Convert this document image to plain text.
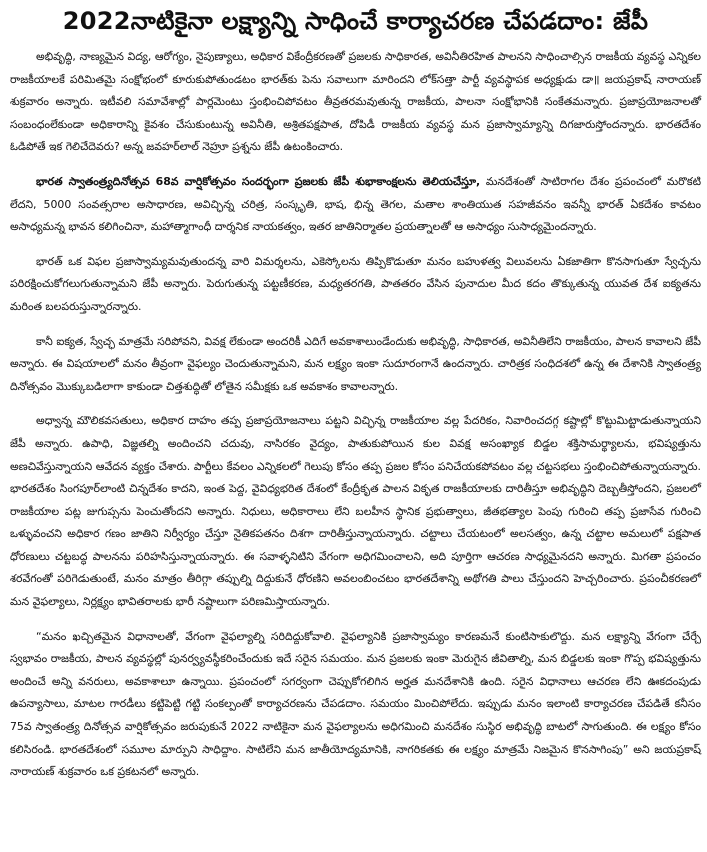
2022నాటికైనా లక్ష్యాన్ని సాధించే కార్యాచరణ చేపడదాం: జేపీ

అభివృద్ధి, నాణ్యమైన విద్య, ఆరోగ్యం, నైపుణ్యాలు, అధికార వికేంద్రీకరణతో ప్రజలకు సాధికారత, అవినీతిరహిత పాలనని సాధించాల్సిన రాజకీయ వ్యవస్థ ఎన్నికల రాజకీయాలకే పరిమితమై సంక్షోభంలో కూరుకుపోతుండటం భారత్‌కు పెను సవాలుగా మారిందని లోక్‌సత్తా పార్టీ వ్యవస్థాపక అధ్యక్షుడు డా॥ జయప్రకాష్ నారాయణ్ శుక్రవారం అన్నారు. ఇటీవలి సమావేశాల్లో పార్లమెంటు స్తంభించిపోవటం తీవ్రతరమవుతున్న రాజకీయ, పాలనా సంక్షోభానికి సంకేతమన్నారు. ప్రజాప్రయోజనాలతో సంబంధంలేకుండా అధికారాన్ని కైవశం చేసుకుంటున్న అవినీతి, అశ్రితపక్షపాత, దోపిడీ రాజకీయ వ్యవస్థ మన ప్రజాస్వామ్యాన్ని దిగజారుస్తోందన్నారు. భారతదేశం ఓడిపోతే ఇక గెలిచేదెవరు? అన్న జవహర్‌లాల్ నెహ్రూ ప్రశ్నను జేపీ ఉటంకించారు.

భారత స్వాతంత్ర్యదినోత్సవ 68వ వార్షికోత్సవం సందర్భంగా ప్రజలకు జేపీ శుభాకాంక్షలను తెలియచేస్తూ, మనదేశంతో సాటిరాగల దేశం ప్రపంచంలో మరొకటి లేదని, 5000 సంవత్సరాల అసాధారణ, అవిచ్ఛిన్న చరిత్ర, సంస్కృతి, భాష, భిన్న తెగల, మతాల శాంతియుత సహజీవనం ఇవన్నీ భారత్ ఏకదేశం కావటం అసాధ్యమన్న భావన కలిగించినా, మహాత్మాగాంధీ దార్శనిక నాయకత్వం, ఇతర జాతినిర్మాతల ప్రయత్నాలతో ఆ అసాధ్యం సుసాధ్యమైందన్నారు.

భారత్ ఒక విఫల ప్రజాస్వామ్యమవుతుందన్న వారి విమర్శలను, ఎకెస్కోలను తిప్పికొడుతూ మనం బహుళత్వ విలువలను ఏకజాతిగా కొనసాగుతూ స్వేచ్ఛను పరిరక్షించుకోగలుగుతున్నామని జేపీ అన్నారు. పెరుగుతున్న పట్టణీకరణ, మధ్యతరగతి, పాతతరం వేసిన పునాదుల మీద కదం తొక్కుతున్న యువత దేశ ఐక్యతను మరింత బలపరుస్తున్నారన్నారు.

కానీ ఐక్యత, స్వేచ్ఛ మాత్రమే సరిపోవని, వివక్ష లేకుండా అందరికీ ఎదిగే అవకాశాలుండేందుకు అభివృద్ధి, సాధికారత, అవినీతిలేని రాజకీయం, పాలన కావాలని జేపీ అన్నారు. ఈ విషయాలలో మనం తీవ్రంగా వైఫల్యం చెందుతున్నామని, మన లక్ష్యం ఇంకా సుదూరంగానే ఉందన్నారు. చారిత్రక సంధిదశలో ఉన్న ఈ దేశానికి స్వాతంత్ర్య దినోత్సవం మొక్కుబడిలాగా కాకుండా చిత్తశుద్ధితో లోతైన సమీక్షకు ఒక అవకాశం కావాలన్నారు.

అధ్వాన్న మౌలికవసతులు, అధికార దాహం తప్ప ప్రజాప్రయోజనాలు పట్టని విచ్ఛిన్న రాజకీయాల వల్ల పేదరికం, నివారించదగ్గ కష్టాల్లో కొట్టుమిట్టాడుతున్నాయని జేపీ అన్నారు. ఉపాధి, విజ్ఞతల్ని అందించని చదువు, నాసిరకం వైద్యం, పాతుకుపోయిన కుల వివక్ష అసంఖ్యాక బిడ్డల శక్తిసామర్థ్యాలను, భవిష్యత్తును అణచివేస్తున్నాయని ఆవేదన వ్యక్తం చేశారు. పార్టీలు కేవలం ఎన్నికలలో గెలుపు కోసం తప్ప ప్రజల కోసం పనిచేయకపోవటం వల్ల చట్టసభలు స్తంభించిపోతున్నాయన్నారు. భారతదేశం సింగపూర్‌లాంటి చిన్నదేశం కాదని, ఇంత పెద్ద, వైవిధ్యభరిత దేశంలో కేంద్రీకృత పాలన వికృత రాజకీయాలకు దారితీస్తూ అభివృద్ధిని దెబ్బతీస్తోందని, ప్రజలలో రాజకీయాల పట్ల జుగుప్సను పెంచుతోందని అన్నారు. నిధులు, అధికారాలు లేని బలహీన స్థానిక ప్రభుత్వాలు, జీతభత్యాల పెంపు గురించి తప్ప ప్రజాసేవ గురించి ఒళ్ళువంచని అధికార గణం జాతిని నిర్వీర్యం చేస్తూ నైతికపతనం దిశగా దారితీస్తున్నాయన్నారు. చట్టాలు చేయటంలో అలసత్వం, ఉన్న చట్టాల అమలులో పక్షపాత ధోరణులు చట్టబద్ధ పాలనను పరిహసిస్తున్నాయన్నారు. ఈ సవాళ్ళనిటిని వేగంగా అధిగమించాలని, అది పూర్తిగా ఆచరణ సాధ్యమైనదని అన్నారు. మిగతా ప్రపంచం శరవేగంతో పరిగెడుతుంటే, మనం మాత్రం తీరిగ్గా తప్పుల్ని దిద్దుకునే ధోరణిని అవలంబించటం భారతదేశాన్ని అథోగతి పాలు చేస్తుందని హెచ్చరించారు. ప్రపంచీకరణలో మన వైఫల్యాలు, నిర్లక్ష్యం భావితరాలకు భారీ నష్టాలుగా పరిణమిస్తాయన్నారు.

“మనం ఖచ్చితమైన విధానాలతో, వేగంగా వైఫల్యాల్ని సరిదిద్దుకోవాలి. వైఫల్యానికి ప్రజాస్వామ్యం కారణమనే కుంటిసాకులొద్దు. మన లక్ష్యాన్ని వేగంగా చేర్చే స్వభావం రాజకీయ, పాలన వ్యవస్థల్లో పునర్వ్యవస్థీకరించేందుకు ఇదే సరైన సమయం. మన ప్రజలకు ఇంకా మెరుగైన జీవితాల్ని, మన బిడ్డలకు ఇంకా గొప్ప భవిష్యత్తును అందించే అన్ని వనరులు, అవకాశాలూ ఉన్నాయి. ప్రపంచంలో సగర్వంగా చెప్పుకోగలిగిన అర్హత మనదేశానికి ఉంది. సరైన విధానాలు ఆచరణ లేని ఊకదంపుడు ఉపన్యాసాలు, మాటల గారడీలు కట్టిపెట్టి గట్టి సంకల్పంతో కార్యాచరణను చేపడదాం. సమయం మించిపోలేదు. ఇప్పుడు మనం ఇలాంటి కార్యాచరణ చేపడితే కనీసం 75వ స్వాతంత్ర్య దినోత్సవ వార్షికోత్సవం జరుపుకునే 2022 నాటికైనా మన వైఫల్యాలను అధిగమించి మనదేశం సుస్థిర అభివృద్ధి బాటలో సాగుతుంది. ఈ లక్ష్యం కోసం కలిసిరండి. భారతదేశంలో సమూల మార్పుని సాధిద్దాం. సాటిలేని మన జాతీయోద్యమానికి, నాగరికతకు ఈ లక్ష్యం మాత్రమే నిజమైన కొనసాగింపు” అని జయప్రకాష్ నారాయణ్ శుక్రవారం ఒక ప్రకటనలో అన్నారు.
